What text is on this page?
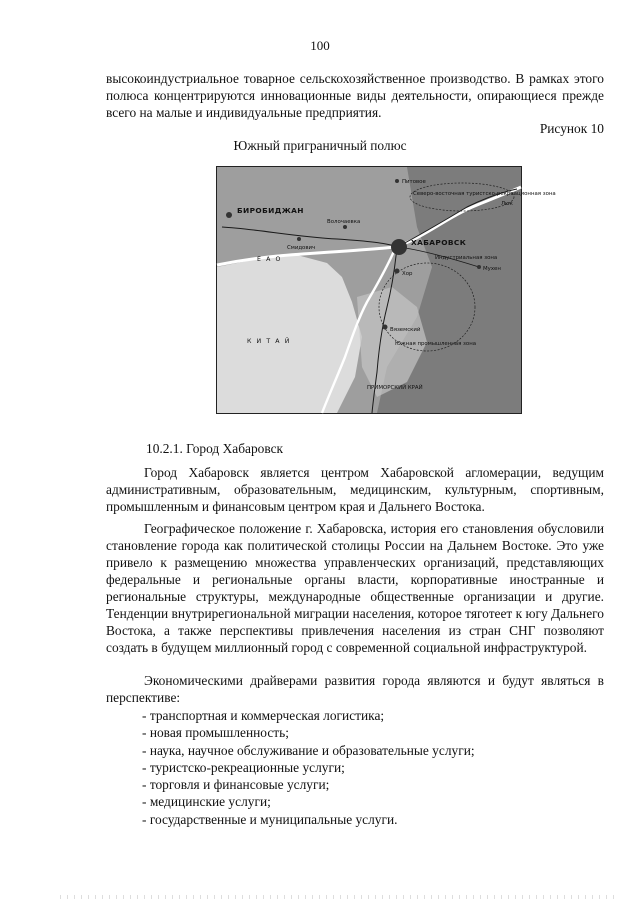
100

высокоиндустриальное товарное сельскохозяйственное производство. В рамках этого полюса концентрируются инновационные виды деятельности, опирающиеся прежде всего на малые и индивидуальные предприятия.

Рисунок 10
Южный приграничный полюс
БИРОБИДЖАН
ХАБАРОВСК
Е А О
К И Т А Й
ПРИМОРСКИЙ КРАЙ
Питовое
Северо-восточная туристско-рекреационная зона
Люк
Индустриальная зона
Хор
Вяземский
Южная промышленная зона
Мухен
Смидович
Волочаевка
10.2.1. Город Хабаровск

Город Хабаровск является центром Хабаровской агломерации, ведущим административным, образовательным, медицинским, культурным, спортивным, промышленным и финансовым центром края и Дальнего Востока.

Географическое положение г. Хабаровска, история его становления обусловили становление города как политической столицы России на Дальнем Востоке. Это уже привело к размещению множества управленческих организаций, представляющих федеральные и региональные органы власти, корпоративные иностранные и региональные структуры, международные общественные организации и другие. Тенденции внутрирегиональной миграции населения, которое тяготеет к югу Дальнего Востока, а также перспективы привлечения населения из стран СНГ позволяют создать в будущем миллионный город с современной социальной инфраструктурой.

Экономическими драйверами развития города являются и будут являться в перспективе:

- транспортная и коммерческая логистика;
- новая промышленность;
- наука, научное обслуживание и образовательные услуги;
- туристско-рекреационные услуги;
- торговля и финансовые услуги;
- медицинские услуги;
- государственные и муниципальные услуги.
